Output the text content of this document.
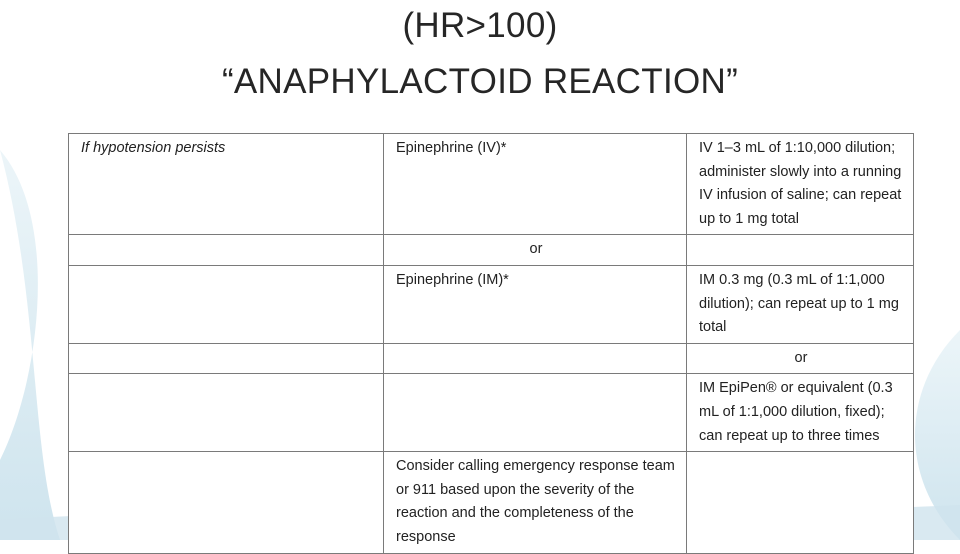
(HR>100)
“ANAPHYLACTOID REACTION”
If hypotension persists	Epinephrine (IV)*	IV 1–3 mL of 1:10,000 dilution; administer slowly into a running IV infusion of saline; can repeat up to 1 mg total
	or	
	Epinephrine (IM)*	IM 0.3 mg (0.3 mL of 1:1,000 dilution); can repeat up to 1 mg total
		or
		IM EpiPen® or equivalent (0.3 mL of 1:1,000 dilution, fixed); can repeat up to three times
	Consider calling emergency response team or 911 based upon the severity of the reaction and the completeness of the response	
